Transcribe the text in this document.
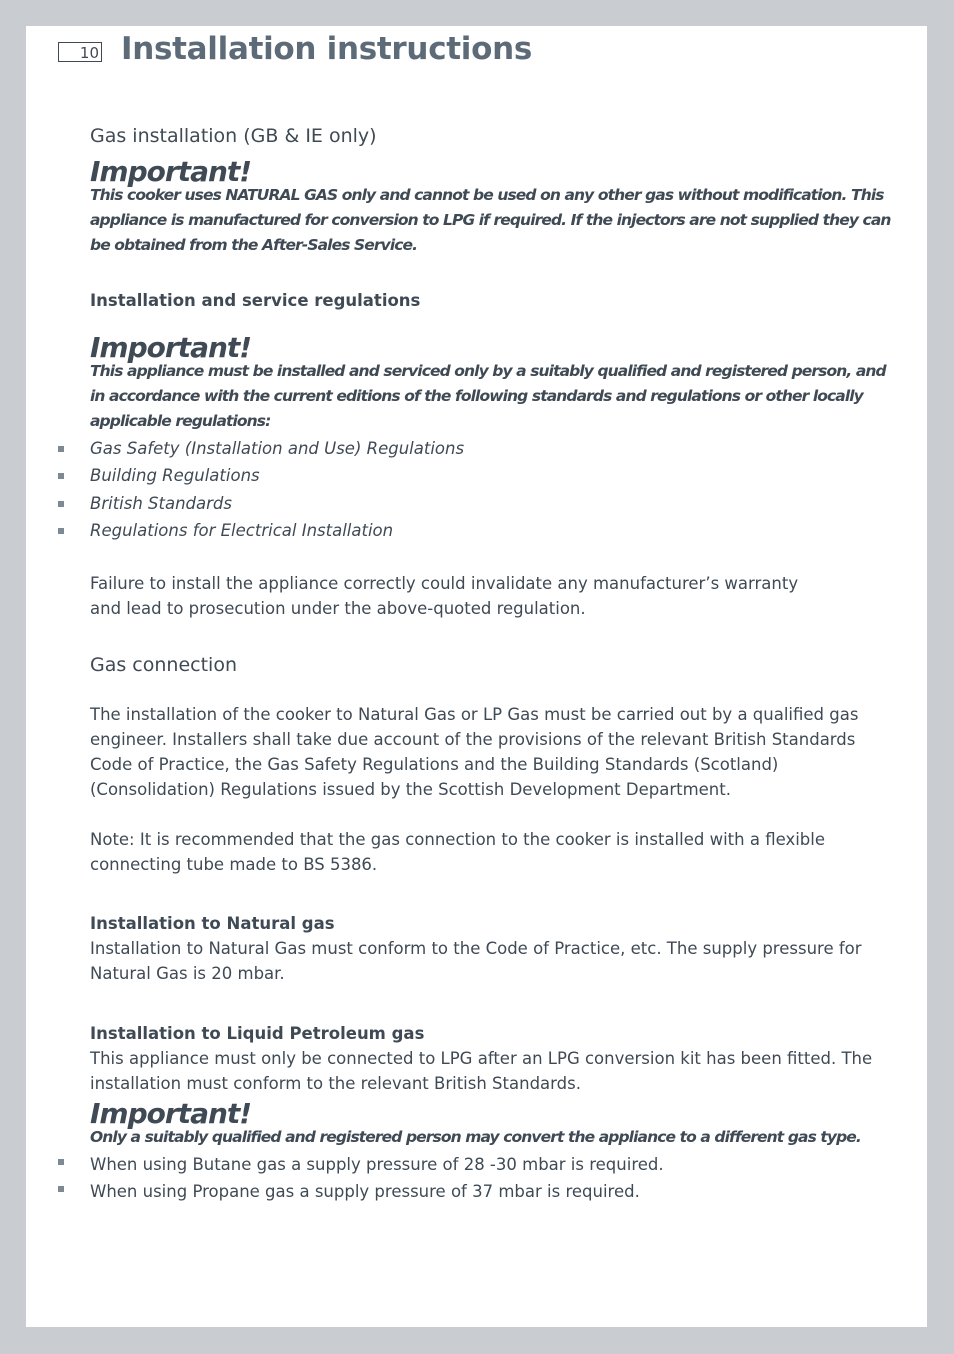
10 Installation instructions
Gas installation (GB & IE only)
Important!
This cooker uses NATURAL GAS only and cannot be used on any other gas without modification. This appliance is manufactured for conversion to LPG if required. If the injectors are not supplied they can be obtained from the After-Sales Service.
Installation and service regulations
Important!
This appliance must be installed and serviced only by a suitably qualified and registered person, and in accordance with the current editions of the following standards and regulations or other locally applicable regulations:
Gas Safety (Installation and Use) Regulations
Building Regulations
British Standards
Regulations for Electrical Installation
Failure to install the appliance correctly could invalidate any manufacturer’s warranty and lead to prosecution under the above-quoted regulation.
Gas connection
The installation of the cooker to Natural Gas or LP Gas must be carried out by a qualified gas engineer. Installers shall take due account of the provisions of the relevant British Standards Code of Practice, the Gas Safety Regulations and the Building Standards (Scotland) (Consolidation) Regulations issued by the Scottish Development Department.
Note: It is recommended that the gas connection to the cooker is installed with a flexible connecting tube made to BS 5386.
Installation to Natural gas
Installation to Natural Gas must conform to the Code of Practice, etc. The supply pressure for Natural Gas is 20 mbar.
Installation to Liquid Petroleum gas
This appliance must only be connected to LPG after an LPG conversion kit has been fitted. The installation must conform to the relevant British Standards.
Important!
Only a suitably qualified and registered person may convert the appliance to a different gas type.
When using Butane gas a supply pressure of 28 -30 mbar is required.
When using Propane gas a supply pressure of 37 mbar is required.
